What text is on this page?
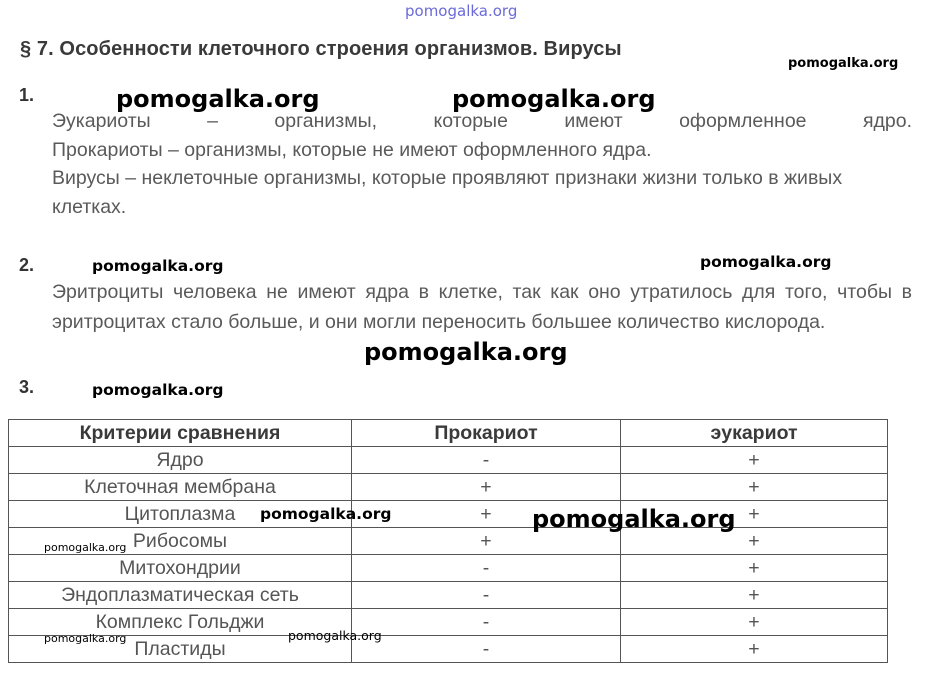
pomogalka.org
§ 7. Особенности клеточного строения организмов. Вирусы
1.

Эукариоты – организмы, которые имеют оформленное ядро.

Прокариоты – организмы, которые не имеют оформленного ядра.

Вирусы – неклеточные организмы, которые проявляют признаки жизни только в живых клетках.

2.
Эритроциты человека не имеют ядра в клетке, так как оно утратилось для того, чтобы в эритроцитах стало больше, и они могли переносить большее количество кислорода.
3.
Критерии сравнения	Прокариот	эукариот
Ядро	-	+
Клеточная мембрана	+	+
Цитоплазма	+	+
Рибосомы	+	+
Митохондрии	-	+
Эндоплазматическая сеть	-	+
Комплекс Гольджи	-	+
Пластиды	-	+
pomogalka.org
pomogalka.org	pomogalka.org
pomogalka.org	pomogalka.org
pomogalka.org
pomogalka.org
pomogalka.org	pomogalka.org
pomogalka.org
pomogalka.org	pomogalka.org
